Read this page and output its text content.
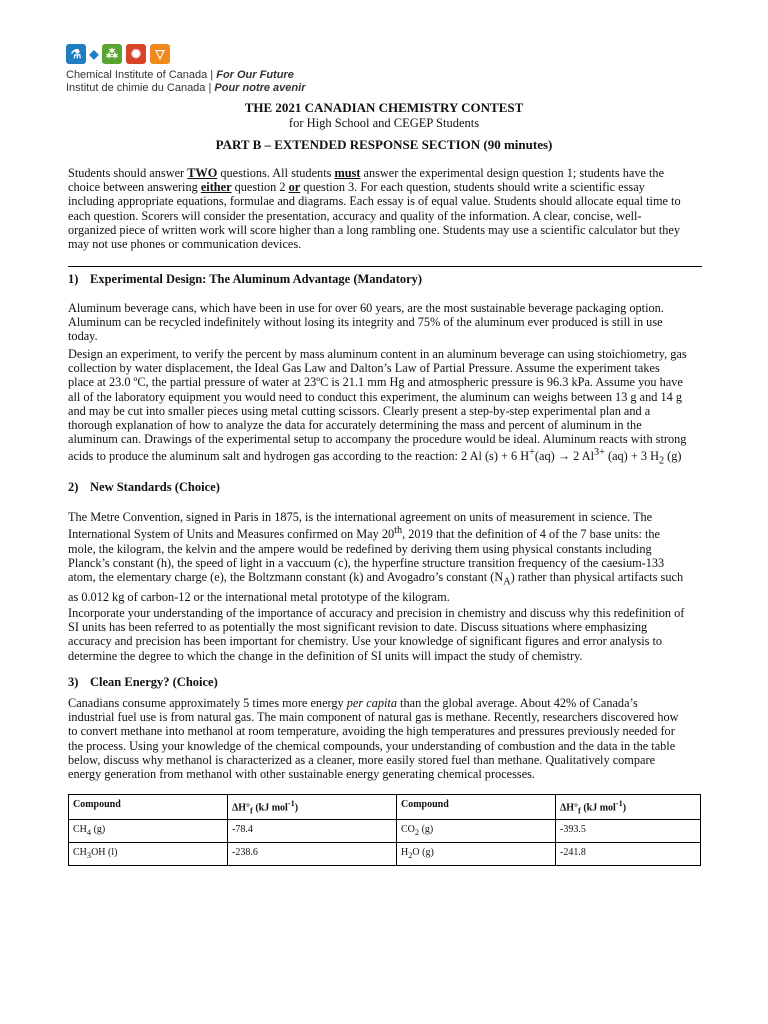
⚗ ◆ ⁂	✺	▽
Chemical Institute of Canada | For Our Future
Institut de chimie du Canada | Pour notre avenir
THE 2021 CANADIAN CHEMISTRY CONTEST
for High School and CEGEP Students
PART B – EXTENDED RESPONSE SECTION (90 minutes)
Students should answer TWO questions. All students must answer the experimental design question 1; students have the
choice between answering either question 2 or question 3. For each question, students should write a scientific essay
including appropriate equations, formulae and diagrams. Each essay is of equal value. Students should allocate equal time to
each question. Scorers will consider the presentation, accuracy and quality of the information. A clear, concise, well-
organized piece of written work will score higher than a long rambling one. Students may use a scientific calculator but they
may not use phones or communication devices.
1) Experimental Design: The Aluminum Advantage (Mandatory)
Aluminum beverage cans, which have been in use for over 60 years, are the most sustainable beverage packaging option.
Aluminum can be recycled indefinitely without losing its integrity and 75% of the aluminum ever produced is still in use
today.
Design an experiment, to verify the percent by mass aluminum content in an aluminum beverage can using stoichiometry, gas
collection by water displacement, the Ideal Gas Law and Dalton’s Law of Partial Pressure. Assume the experiment takes
place at 23.0 ºC, the partial pressure of water at 23ºC is 21.1 mm Hg and atmospheric pressure is 96.3 kPa. Assume you have
all of the laboratory equipment you would need to conduct this experiment, the aluminum can weighs between 13 g and 14 g
and may be cut into smaller pieces using metal cutting scissors. Clearly present a step-by-step experimental plan and a
thorough explanation of how to analyze the data for accurately determining the mass and percent of aluminum in the
aluminum can. Drawings of the experimental setup to accompany the procedure would be ideal. Aluminum reacts with strong
acids to produce the aluminum salt and hydrogen gas according to the reaction: 2 Al (s) + 6 H+(aq) → 2 $Al^{3+}$ (aq) + 3 $H_2$ (g)
2) New Standards (Choice)
The Metre Convention, signed in Paris in 1875, is the international agreement on units of measurement in science. The
International System of Units and Measures confirmed on May 20th, 2019 that the definition of 4 of the 7 base units: the
mole, the kilogram, the kelvin and the ampere would be redefined by deriving them using physical constants including
Planck’s constant (h), the speed of light in a vaccuum (c), the hyperfine structure transition frequency of the caesium-133
atom, the elementary charge (e), the Boltzmann constant (k) and Avogadro’s constant $(N_A)$ rather than physical artifacts such
as 0.012 kg of carbon-12 or the international metal prototype of the kilogram.
Incorporate your understanding of the importance of accuracy and precision in chemistry and discuss why this redefinition of
SI units has been referred to as potentially the most significant revision to date. Discuss situations where emphasizing
accuracy and precision has been important for chemistry. Use your knowledge of significant figures and error analysis to
determine the degree to which the change in the definition of SI units will impact the study of chemistry.
3) Clean Energy? (Choice)
Canadians consume approximately 5 times more energy per capita than the global average. About 42% of Canada’s
industrial fuel use is from natural gas. The main component of natural gas is methane. Recently, researchers discovered how
to convert methane into methanol at room temperature, avoiding the high temperatures and pressures previously needed for
the process. Using your knowledge of the chemical compounds, your understanding of combustion and the data in the table
below, discuss why methanol is characterized as a cleaner, more easily stored fuel than methane. Qualitatively compare
energy generation from methanol with other sustainable energy generating chemical processes.
Compound	$\Delta H^\circ_f$ (kJ mol$^{-1}$)	Compound	$\Delta H^\circ_f$ (kJ mol$^{-1}$)
$CH_4$ (g)	-78.4	$CO_2$ (g)	-393.5
$CH_3OH$ (l)	-238.6	$H_2O$ (g)	-241.8
